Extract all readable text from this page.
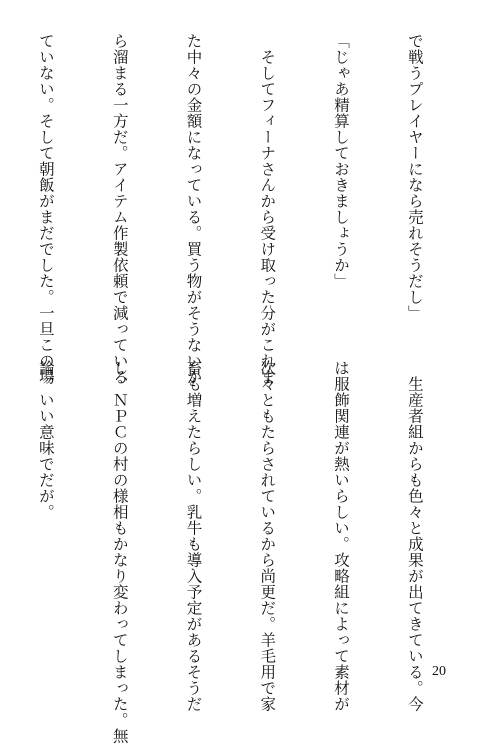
で戦うプレイヤーになら売れそうだし」

「じゃあ精算しておきましょうか」

　そしてフィーナさんから受け取った分がこれま

た中々の金額になっている。買う物がそうないか

ら溜まる一方だ。アイテム作製依頼で減っている

ていない。そして朝飯がまだでした。一旦この場

　生産者組からも色々と成果が出てきている。今

は服飾関連が熱いらしい。攻略組によって素材が

次々ともたらされているから尚更だ。羊毛用で家

畜も増えたらしい。乳牛も導入予定があるそうだ

し、ＮＰＣの村の様相もかなり変わってしまった。無

論、いい意味でだが。

20
